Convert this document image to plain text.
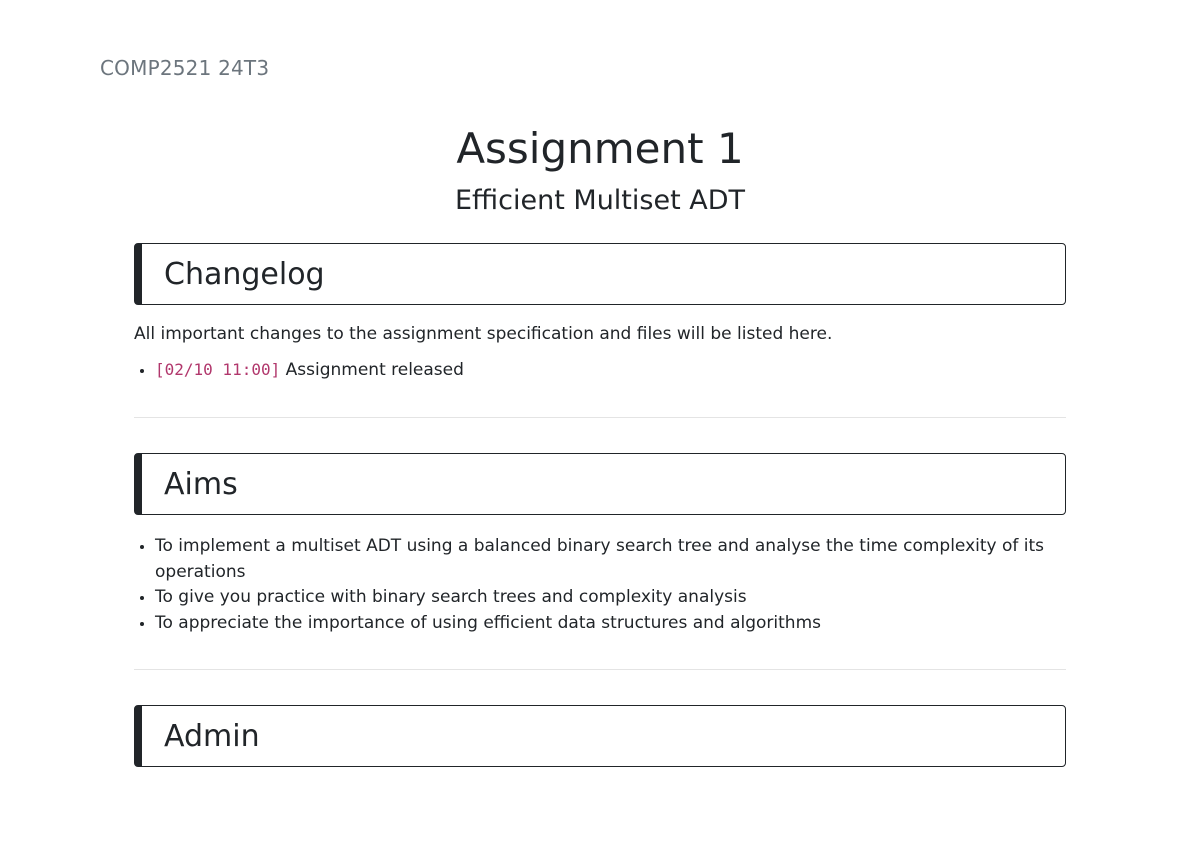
COMP2521 24T3
Assignment 1
Efficient Multiset ADT
Changelog

All important changes to the assignment specification and files will be listed here.

• [02/10 11:00] Assignment released
Aims
• To implement a multiset ADT using a balanced binary search tree and analyse the time complexity of its operations
• To give you practice with binary search trees and complexity analysis
• To appreciate the importance of using efficient data structures and algorithms
Admin
